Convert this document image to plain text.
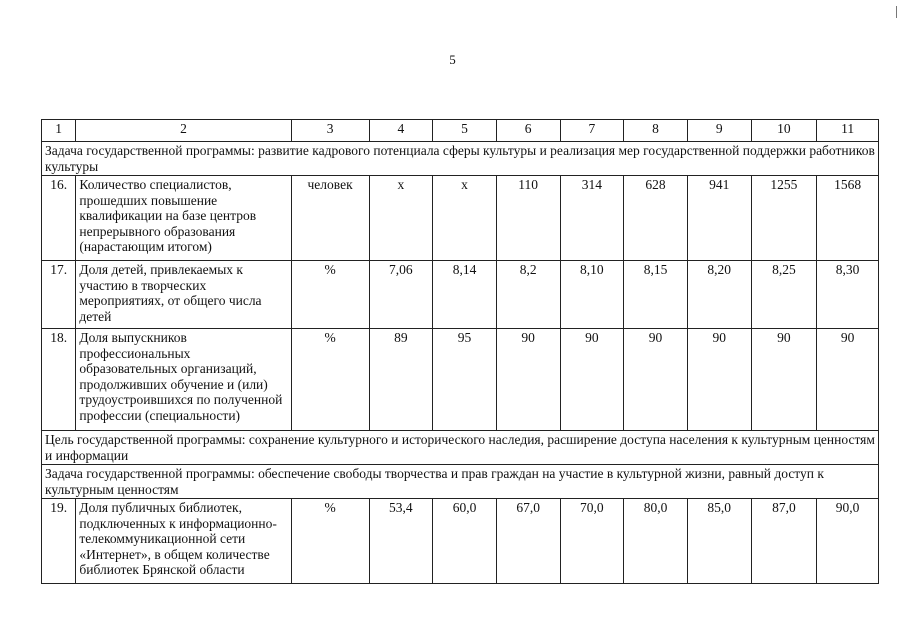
5
1	2	3	4	5	6	7	8	9	10	11
Задача государственной программы: развитие кадрового потенциала сферы культуры и реализация мер государственной поддержки работников культуры										
16.	Количество специалистов, прошедших повышение квалификации на базе центров непрерывного образования (нарастающим итогом)	человек	x	x	110	314	628	941	1255	1568
17.	Доля детей, привлекаемых к участию в творческих мероприятиях, от общего числа детей	%	7,06	8,14	8,2	8,10	8,15	8,20	8,25	8,30
18.	Доля выпускников профессиональных образовательных организаций, продолживших обучение и (или) трудоустроившихся по полученной профессии (специальности)	%	89	95	90	90	90	90	90	90
Цель государственной программы: сохранение культурного и исторического наследия, расширение доступа населения к культурным ценностям и информации										
Задача государственной программы: обеспечение свободы творчества и прав граждан на участие в культурной жизни, равный доступ к культурным ценностям										
19.	Доля публичных библиотек, подключенных к информационно-телекоммуникационной сети «Интернет», в общем количестве библиотек Брянской области	%	53,4	60,0	67,0	70,0	80,0	85,0	87,0	90,0
